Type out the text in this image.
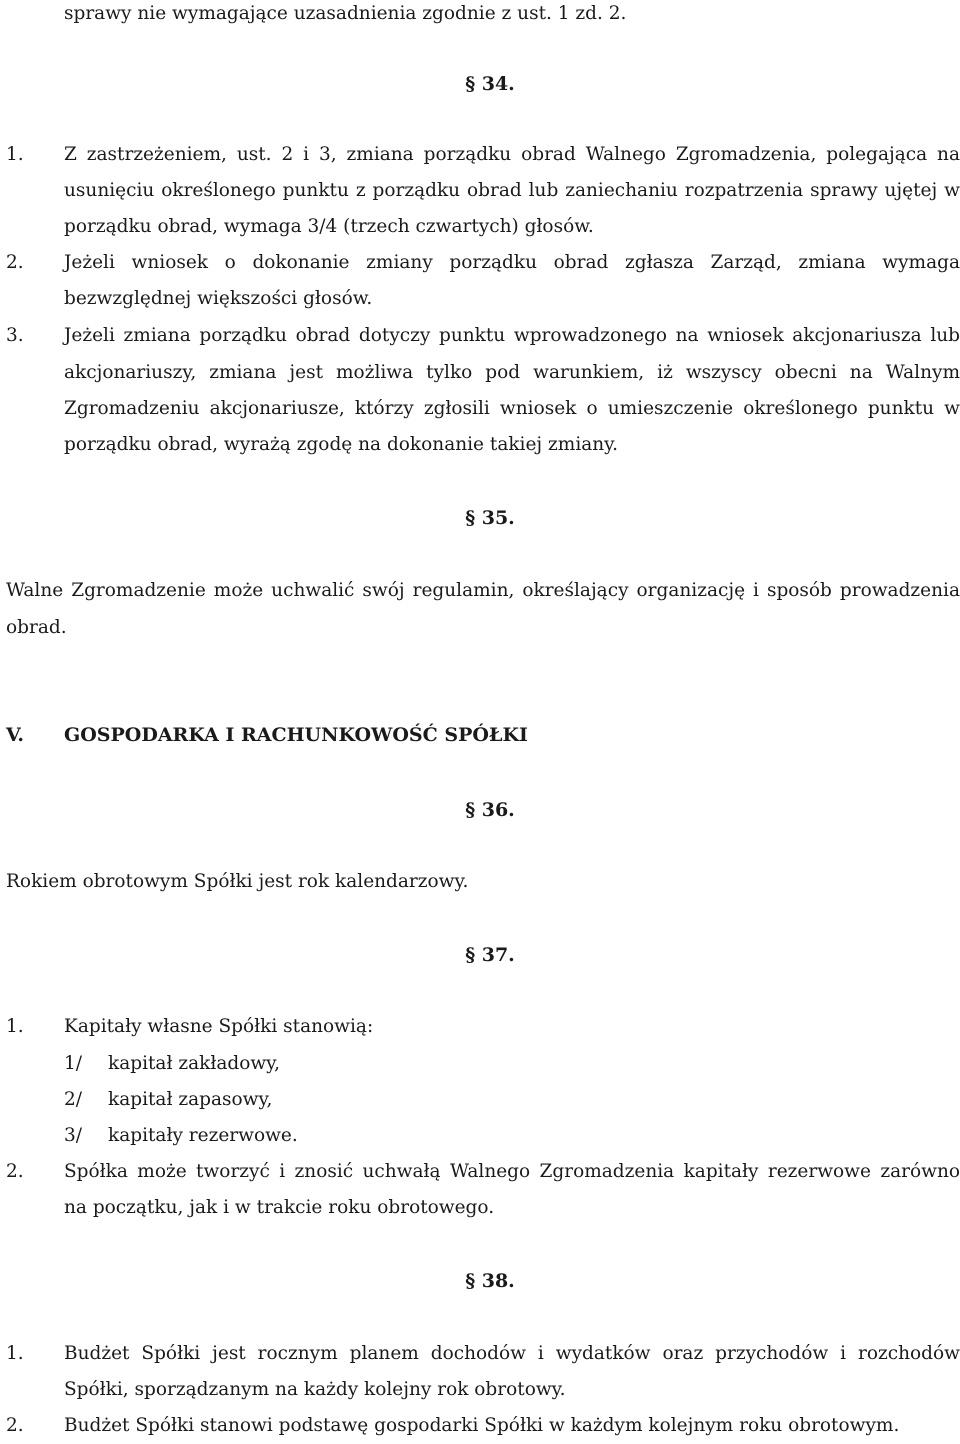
sprawy nie wymagające uzasadnienia zgodnie z ust. 1 zd. 2.
§ 34.
1. Z zastrzeżeniem, ust. 2 i 3, zmiana porządku obrad Walnego Zgromadzenia, polegająca na
usunięciu określonego punktu z porządku obrad lub zaniechaniu rozpatrzenia sprawy ujętej w
porządku obrad, wymaga 3/4 (trzech czwartych) głosów.
2. Jeżeli wniosek o dokonanie zmiany porządku obrad zgłasza Zarząd, zmiana wymaga
bezwzględnej większości głosów.
3. Jeżeli zmiana porządku obrad dotyczy punktu wprowadzonego na wniosek akcjonariusza lub
akcjonariuszy, zmiana jest możliwa tylko pod warunkiem, iż wszyscy obecni na Walnym
Zgromadzeniu akcjonariusze, którzy zgłosili wniosek o umieszczenie określonego punktu w
porządku obrad, wyrażą zgodę na dokonanie takiej zmiany.
§ 35.
Walne Zgromadzenie może uchwalić swój regulamin, określający organizację i sposób prowadzenia
obrad.
V. GOSPODARKA I RACHUNKOWOŚĆ SPÓŁKI
§ 36.
Rokiem obrotowym Spółki jest rok kalendarzowy.
§ 37.
1. Kapitały własne Spółki stanowią:
1/ kapitał zakładowy,
2/ kapitał zapasowy,
3/ kapitały rezerwowe.
2. Spółka może tworzyć i znosić uchwałą Walnego Zgromadzenia kapitały rezerwowe zarówno
na początku, jak i w trakcie roku obrotowego.
§ 38.
1. Budżet Spółki jest rocznym planem dochodów i wydatków oraz przychodów i rozchodów
Spółki, sporządzanym na każdy kolejny rok obrotowy.
2. Budżet Spółki stanowi podstawę gospodarki Spółki w każdym kolejnym roku obrotowym.
